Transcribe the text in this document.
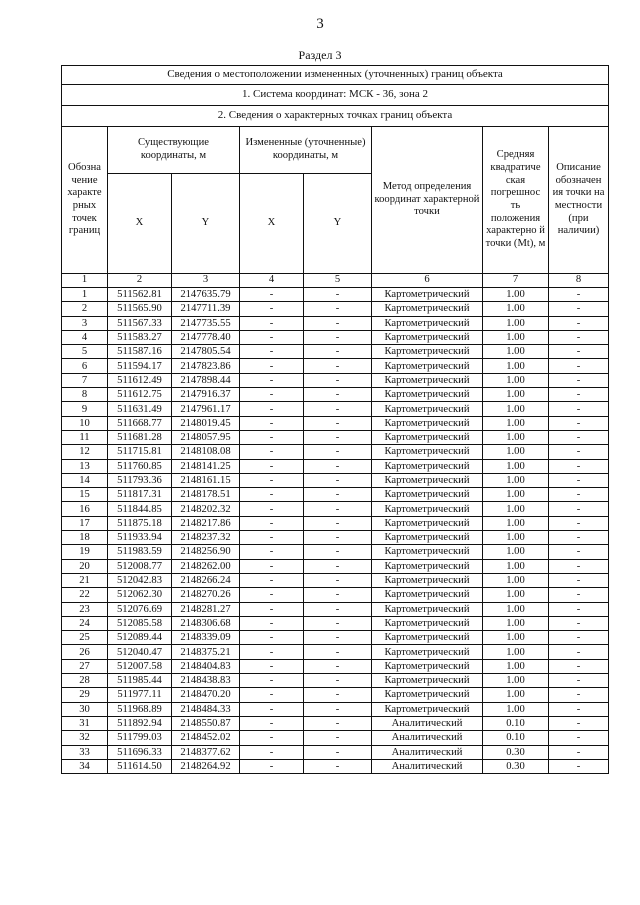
3
Раздел 3
Сведения о местоположении измененных (уточненных) границ объекта							
1. Система координат: МСК - 36, зона 2							
2. Сведения о характерных точках границ объекта							
Обозна чение характе рных точек границ	Существующие координаты, м		Измененные (уточненные) координаты, м		Метод определения координат характерной точки	Средняя квадратиче ская погрешнос ть положения характерно й точки (Mt), м	Описание обозначен ия точки на местности (при наличии)
	X	Y	X	Y			
1	2	3	4	5	6	7	8
1	511562.81	2147635.79	-	-	Картометрический	1.00	-
2	511565.90	2147711.39	-	-	Картометрический	1.00	-
3	511567.33	2147735.55	-	-	Картометрический	1.00	-
4	511583.27	2147778.40	-	-	Картометрический	1.00	-
5	511587.16	2147805.54	-	-	Картометрический	1.00	-
6	511594.17	2147823.86	-	-	Картометрический	1.00	-
7	511612.49	2147898.44	-	-	Картометрический	1.00	-
8	511612.75	2147916.37	-	-	Картометрический	1.00	-
9	511631.49	2147961.17	-	-	Картометрический	1.00	-
10	511668.77	2148019.45	-	-	Картометрический	1.00	-
11	511681.28	2148057.95	-	-	Картометрический	1.00	-
12	511715.81	2148108.08	-	-	Картометрический	1.00	-
13	511760.85	2148141.25	-	-	Картометрический	1.00	-
14	511793.36	2148161.15	-	-	Картометрический	1.00	-
15	511817.31	2148178.51	-	-	Картометрический	1.00	-
16	511844.85	2148202.32	-	-	Картометрический	1.00	-
17	511875.18	2148217.86	-	-	Картометрический	1.00	-
18	511933.94	2148237.32	-	-	Картометрический	1.00	-
19	511983.59	2148256.90	-	-	Картометрический	1.00	-
20	512008.77	2148262.00	-	-	Картометрический	1.00	-
21	512042.83	2148266.24	-	-	Картометрический	1.00	-
22	512062.30	2148270.26	-	-	Картометрический	1.00	-
23	512076.69	2148281.27	-	-	Картометрический	1.00	-
24	512085.58	2148306.68	-	-	Картометрический	1.00	-
25	512089.44	2148339.09	-	-	Картометрический	1.00	-
26	512040.47	2148375.21	-	-	Картометрический	1.00	-
27	512007.58	2148404.83	-	-	Картометрический	1.00	-
28	511985.44	2148438.83	-	-	Картометрический	1.00	-
29	511977.11	2148470.20	-	-	Картометрический	1.00	-
30	511968.89	2148484.33	-	-	Картометрический	1.00	-
31	511892.94	2148550.87	-	-	Аналитический	0.10	-
32	511799.03	2148452.02	-	-	Аналитический	0.10	-
33	511696.33	2148377.62	-	-	Аналитический	0.30	-
34	511614.50	2148264.92	-	-	Аналитический	0.30	-
